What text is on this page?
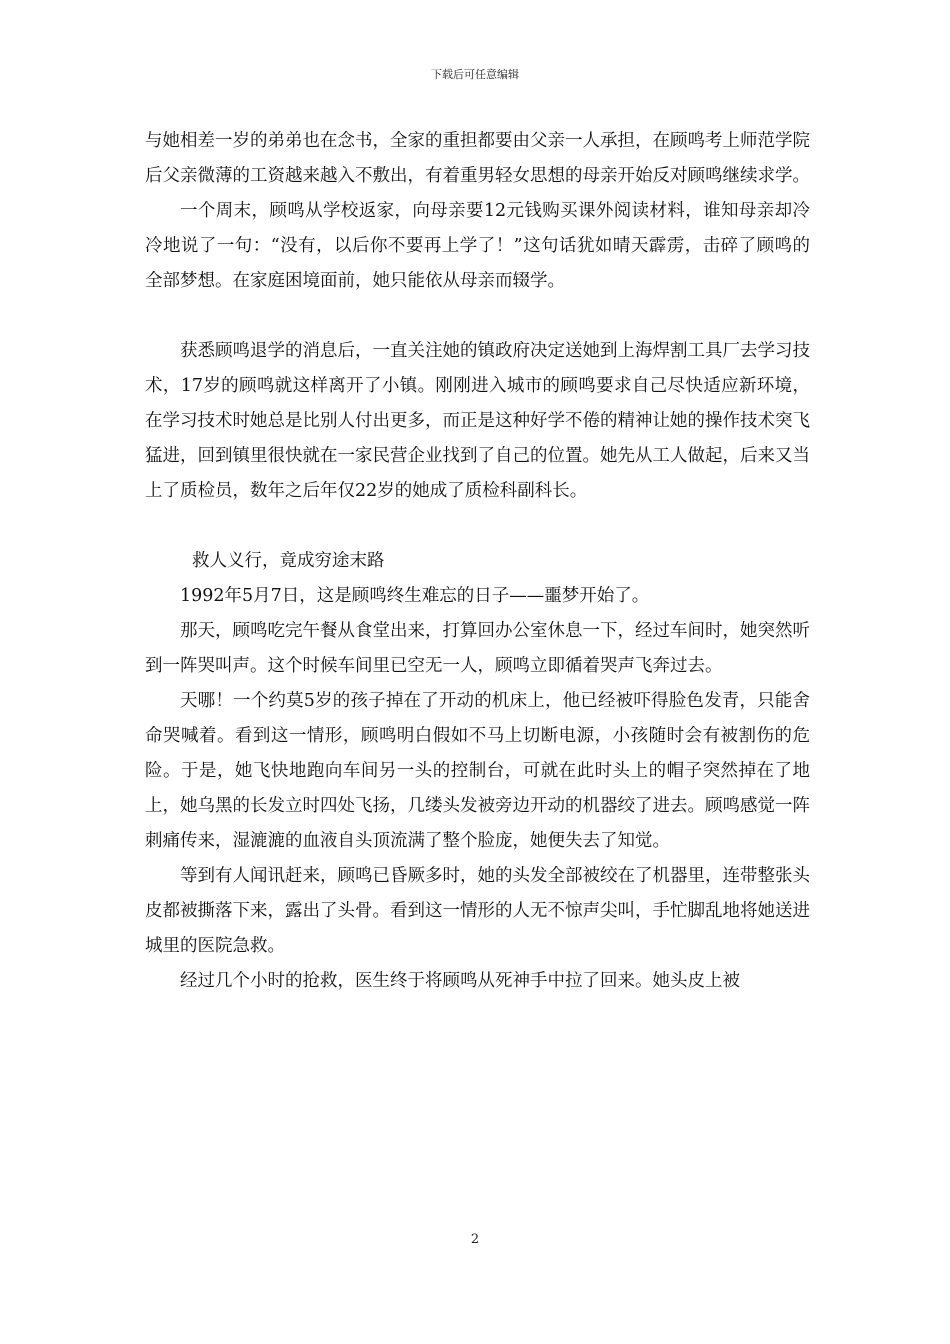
下载后可任意编辑

与她相差一岁的弟弟也在念书，全家的重担都要由父亲一人承担，在顾鸣考上师范学院后父亲微薄的工资越来越入不敷出，有着重男轻女思想的母亲开始反对顾鸣继续求学。

一个周末，顾鸣从学校返家，向母亲要12元钱购买课外阅读材料，谁知母亲却冷冷地说了一句：“没有，以后你不要再上学了！”这句话犹如晴天霹雳，击碎了顾鸣的全部梦想。在家庭困境面前，她只能依从母亲而辍学。

获悉顾鸣退学的消息后，一直关注她的镇政府决定送她到上海焊割工具厂去学习技术，17岁的顾鸣就这样离开了小镇。刚刚进入城市的顾鸣要求自己尽快适应新环境，在学习技术时她总是比别人付出更多，而正是这种好学不倦的精神让她的操作技术突飞猛进，回到镇里很快就在一家民营企业找到了自己的位置。她先从工人做起，后来又当上了质检员，数年之后年仅22岁的她成了质检科副科长。

救人义行，竟成穷途末路

1992年5月7日，这是顾鸣终生难忘的日子——噩梦开始了。

那天，顾鸣吃完午餐从食堂出来，打算回办公室休息一下，经过车间时，她突然听到一阵哭叫声。这个时候车间里已空无一人，顾鸣立即循着哭声飞奔过去。

天哪！一个约莫5岁的孩子掉在了开动的机床上，他已经被吓得脸色发青，只能舍命哭喊着。看到这一情形，顾鸣明白假如不马上切断电源，小孩随时会有被割伤的危险。于是，她飞快地跑向车间另一头的控制台，可就在此时头上的帽子突然掉在了地上，她乌黑的长发立时四处飞扬，几缕头发被旁边开动的机器绞了进去。顾鸣感觉一阵刺痛传来，湿漉漉的血液自头顶流满了整个脸庞，她便失去了知觉。

等到有人闻讯赶来，顾鸣已昏厥多时，她的头发全部被绞在了机器里，连带整张头皮都被撕落下来，露出了头骨。看到这一情形的人无不惊声尖叫，手忙脚乱地将她送进城里的医院急救。

经过几个小时的抢救，医生终于将顾鸣从死神手中拉了回来。她头皮上被

2
